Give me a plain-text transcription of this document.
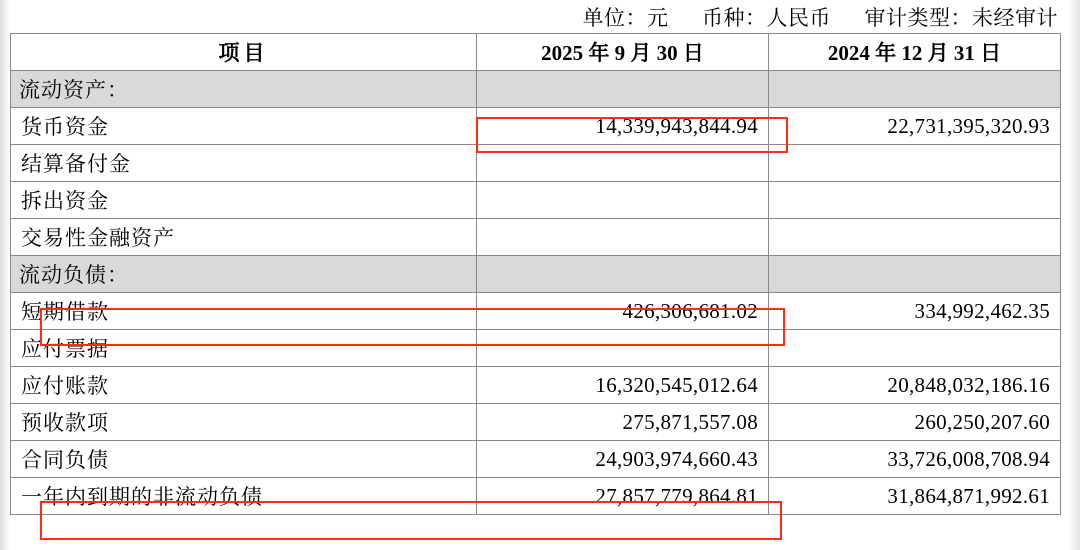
单位：元 币种：人民币 审计类型：未经审计
项目	2025 年 9 月 30 日	2024 年 12 月 31 日
流动资产：		
货币资金	14,339,943,844.94	22,731,395,320.93
结算备付金		
拆出资金		
交易性金融资产		
流动负债：		
短期借款	426,306,681.02	334,992,462.35
应付票据		
应付账款	16,320,545,012.64	20,848,032,186.16
预收款项	275,871,557.08	260,250,207.60
合同负债	24,903,974,660.43	33,726,008,708.94
一年内到期的非流动负债	27,857,779,864.81	31,864,871,992.61
